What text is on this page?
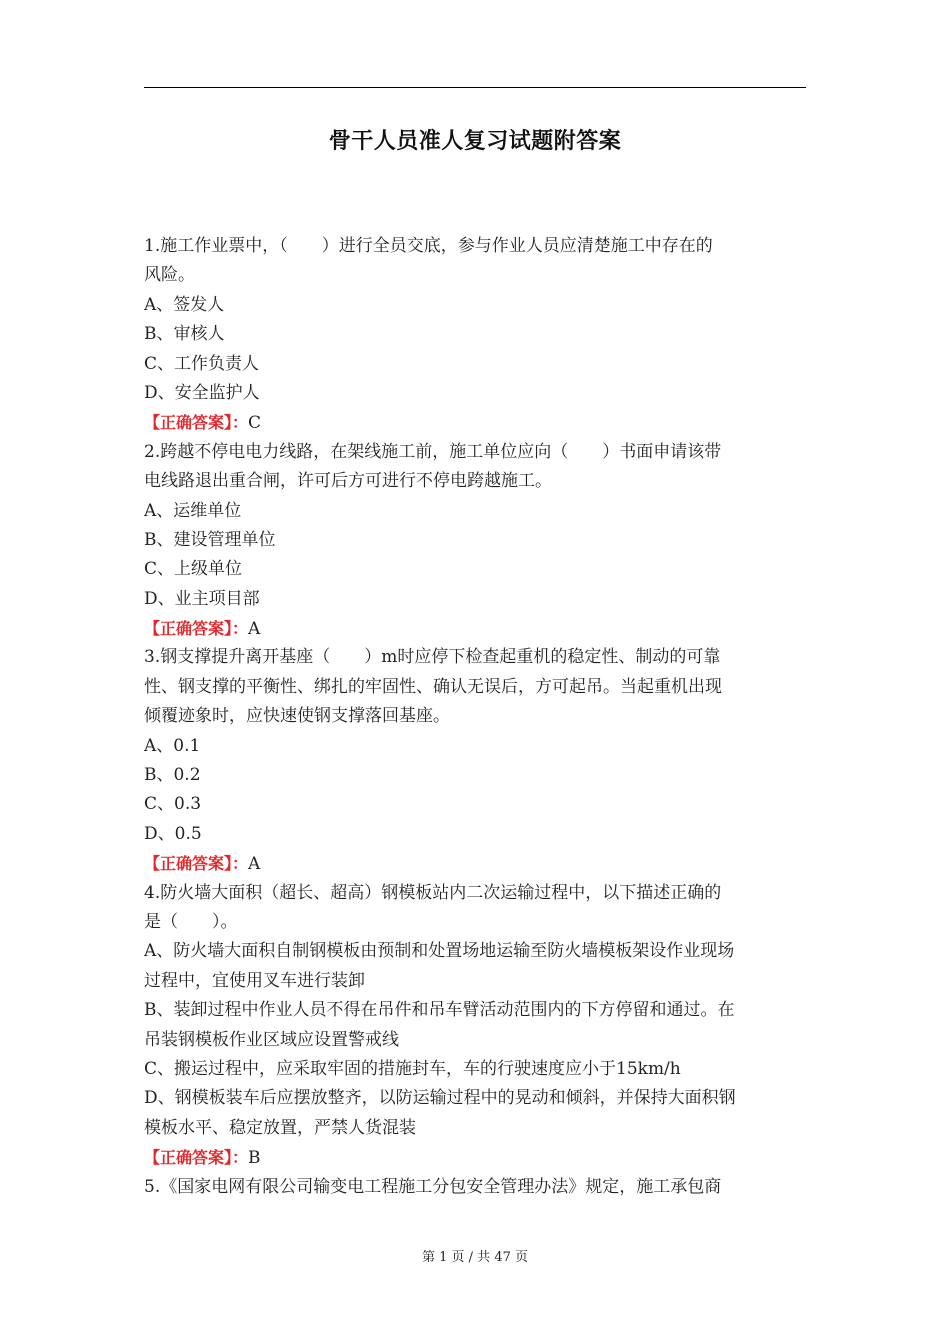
骨干人员准人复习试题附答案
1.施工作业票中，（　　）进行全员交底，参与作业人员应清楚施工中存在的
风险。
A、签发人
B、审核人
C、工作负责人
D、安全监护人
【正确答案】：C
2.跨越不停电电力线路，在架线施工前，施工单位应向（　　）书面申请该带
电线路退出重合闸，许可后方可进行不停电跨越施工。
A、运维单位
B、建设管理单位
C、上级单位
D、业主项目部
【正确答案】：A
3.钢支撑提升离开基座（　　）m时应停下检查起重机的稳定性、制动的可靠
性、钢支撑的平衡性、绑扎的牢固性、确认无误后，方可起吊。当起重机出现
倾覆迹象时，应快速使钢支撑落回基座。
A、0.1
B、0.2
C、0.3
D、0.5
【正确答案】：A
4.防火墙大面积（超长、超高）钢模板站内二次运输过程中，以下描述正确的
是（　　）。
A、防火墙大面积自制钢模板由预制和处置场地运输至防火墙模板架设作业现场
过程中，宜使用叉车进行装卸
B、装卸过程中作业人员不得在吊件和吊车臂活动范围内的下方停留和通过。在
吊装钢模板作业区域应设置警戒线
C、搬运过程中，应采取牢固的措施封车，车的行驶速度应小于15km/h
D、钢模板装车后应摆放整齐，以防运输过程中的晃动和倾斜，并保持大面积钢
模板水平、稳定放置，严禁人货混装
【正确答案】：B
5.《国家电网有限公司输变电工程施工分包安全管理办法》规定，施工承包商
第 1 页 / 共 47 页
